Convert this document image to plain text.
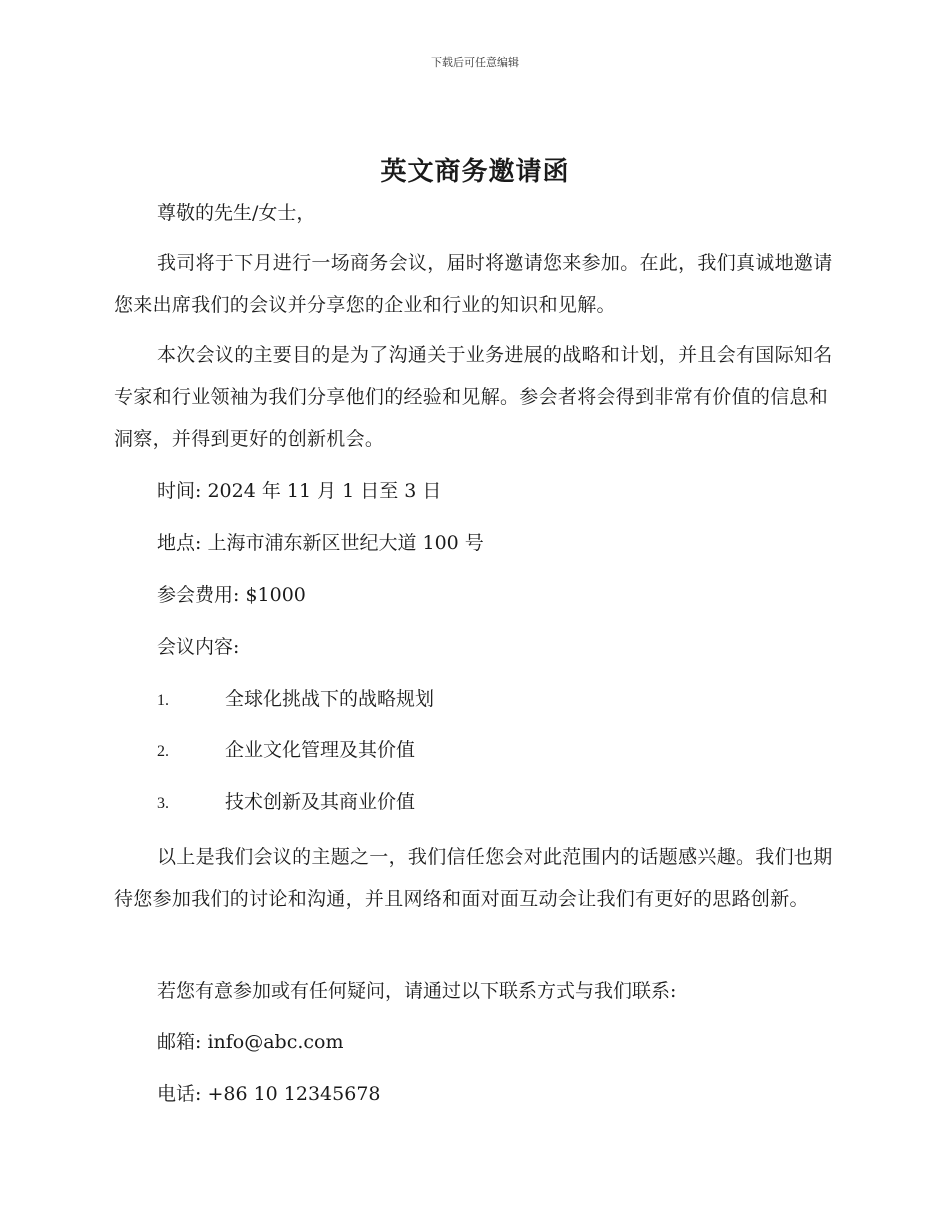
下载后可任意编辑
英文商务邀请函

尊敬的先生/女士，

我司将于下月进行一场商务会议，届时将邀请您来参加。在此，我们真诚地邀请您来出席我们的会议并分享您的企业和行业的知识和见解。

本次会议的主要目的是为了沟通关于业务进展的战略和计划，并且会有国际知名专家和行业领袖为我们分享他们的经验和见解。参会者将会得到非常有价值的信息和洞察，并得到更好的创新机会。

时间: 2024 年 11 月 1 日至 3 日

地点: 上海市浦东新区世纪大道 100 号

参会费用: $1000

会议内容:

1.	全球化挑战下的战略规划
2.	企业文化管理及其价值
3.	技术创新及其商业价值

以上是我们会议的主题之一，我们信任您会对此范围内的话题感兴趣。我们也期待您参加我们的讨论和沟通，并且网络和面对面互动会让我们有更好的思路创新。

若您有意参加或有任何疑问，请通过以下联系方式与我们联系:

邮箱: info@abc.com

电话: +86 10 12345678
